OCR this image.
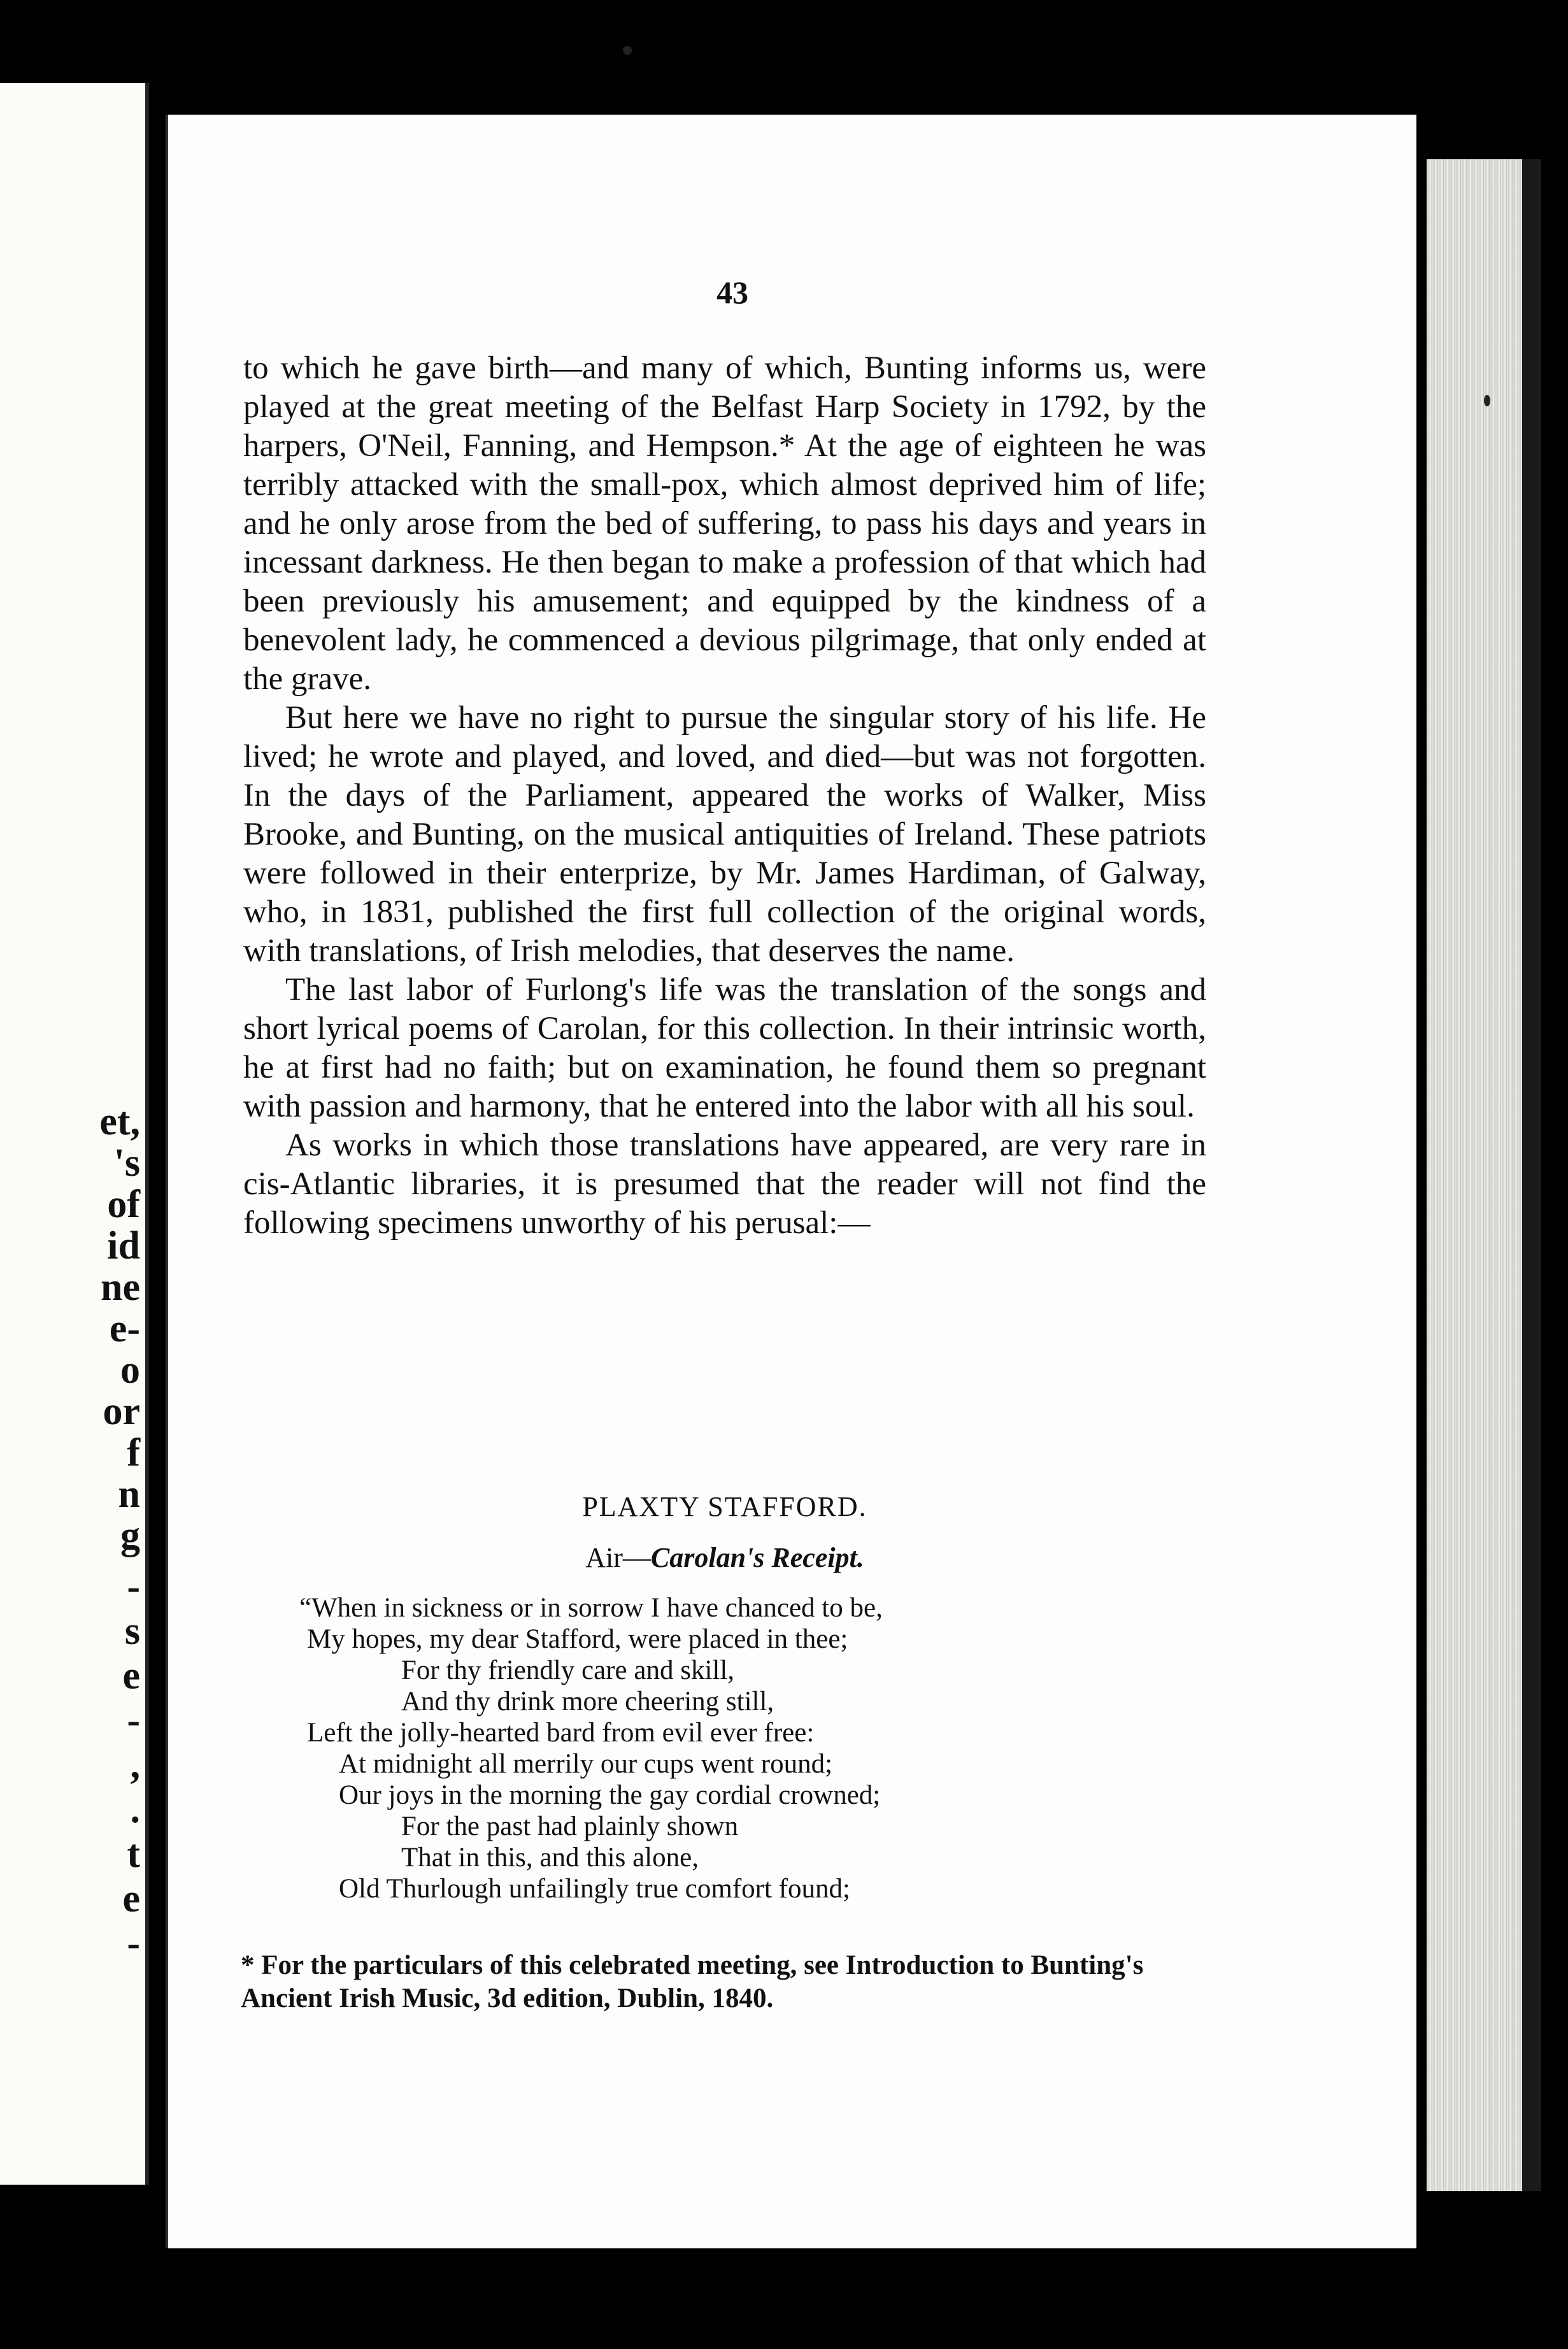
et,
's
of
id
ne
e-
o
or
f
n
g
-
s
e
-
,
.
t
e
-
43

to which he gave birth—and many of which, Bunting informs us, were played at the great meeting of the Belfast Harp Society in 1792, by the harpers, O'Neil, Fanning, and Hempson.* At the age of eighteen he was terribly attacked with the small-pox, which almost deprived him of life; and he only arose from the bed of suffering, to pass his days and years in incessant darkness. He then began to make a profession of that which had been previously his amusement; and equipped by the kindness of a benevolent lady, he commenced a devious pilgrimage, that only ended at the grave.

But here we have no right to pursue the singular story of his life. He lived; he wrote and played, and loved, and died—but was not forgotten. In the days of the Parliament, appeared the works of Walker, Miss Brooke, and Bunting, on the musical antiquities of Ireland. These patriots were followed in their enterprize, by Mr. James Hardiman, of Galway, who, in 1831, published the first full collection of the original words, with translations, of Irish melodies, that deserves the name.

The last labor of Furlong's life was the translation of the songs and short lyrical poems of Carolan, for this collection. In their intrinsic worth, he at first had no faith; but on examination, he found them so pregnant with passion and harmony, that he entered into the labor with all his soul.

As works in which those translations have appeared, are very rare in cis-Atlantic libraries, it is presumed that the reader will not find the following specimens unworthy of his perusal:—

PLAXTY STAFFORD.
Air—Carolan's Receipt.
“When in sickness or in sorrow I have chanced to be,
My hopes, my dear Stafford, were placed in thee;
For thy friendly care and skill,
And thy drink more cheering still,
Left the jolly-hearted bard from evil ever free:
At midnight all merrily our cups went round;
Our joys in the morning the gay cordial crowned;
For the past had plainly shown
That in this, and this alone,
Old Thurlough unfailingly true comfort found;
* For the particulars of this celebrated meeting, see Introduction to Bunting's Ancient Irish Music, 3d edition, Dublin, 1840.
